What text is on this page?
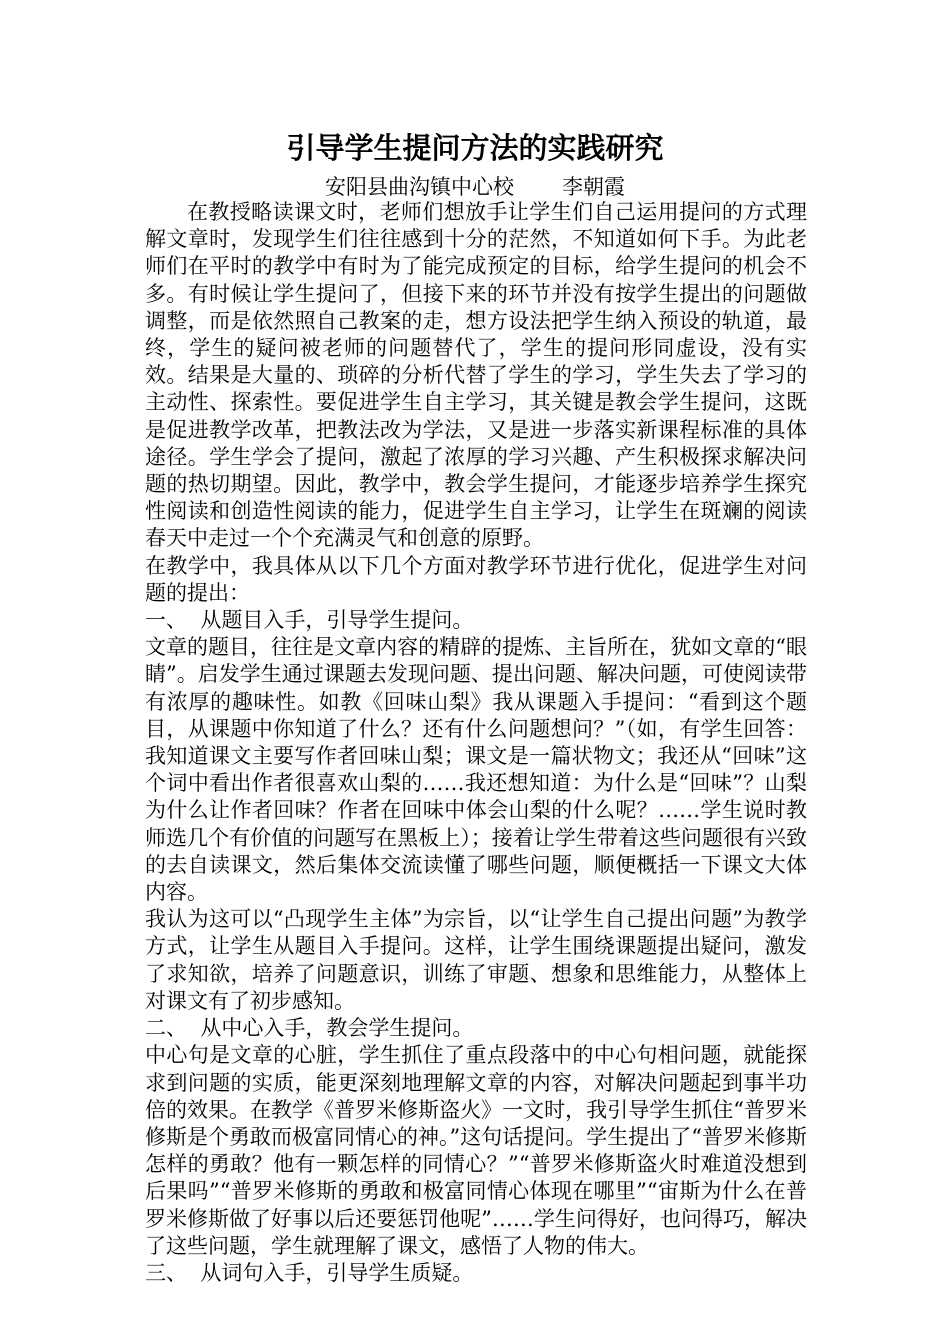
引导学生提问方法的实践研究
安阳县曲沟镇中心校 李朝霞

在教授略读课文时，老师们想放手让学生们自己运用提问的方式理解文章时，发现学生们往往感到十分的茫然，不知道如何下手。为此老师们在平时的教学中有时为了能完成预定的目标，给学生提问的机会不多。有时候让学生提问了，但接下来的环节并没有按学生提出的问题做调整，而是依然照自己教案的走，想方设法把学生纳入预设的轨道，最终，学生的疑问被老师的问题替代了，学生的提问形同虚设，没有实效。结果是大量的、琐碎的分析代替了学生的学习，学生失去了学习的主动性、探索性。要促进学生自主学习，其关键是教会学生提问，这既是促进教学改革，把教法改为学法，又是进一步落实新课程标准的具体途径。学生学会了提问，激起了浓厚的学习兴趣、产生积极探求解决问题的热切期望。因此，教学中，教会学生提问，才能逐步培养学生探究性阅读和创造性阅读的能力，促进学生自主学习，让学生在斑斓的阅读春天中走过一个个充满灵气和创意的原野。

在教学中，我具体从以下几个方面对教学环节进行优化，促进学生对问题的提出：

一、  从题目入手，引导学生提问。

文章的题目，往往是文章内容的精辟的提炼、主旨所在，犹如文章的“眼睛”。启发学生通过课题去发现问题、提出问题、解决问题，可使阅读带有浓厚的趣味性。如教《回味山梨》我从课题入手提问：“看到这个题目，从课题中你知道了什么？还有什么问题想问？”（如，有学生回答：我知道课文主要写作者回味山梨；课文是一篇状物文；我还从“回味”这个词中看出作者很喜欢山梨的……我还想知道：为什么是“回味”？山梨为什么让作者回味？作者在回味中体会山梨的什么呢？……学生说时教师选几个有价值的问题写在黑板上）；接着让学生带着这些问题很有兴致的去自读课文，然后集体交流读懂了哪些问题，顺便概括一下课文大体内容。

我认为这可以“凸现学生主体”为宗旨，以“让学生自己提出问题”为教学方式，让学生从题目入手提问。这样，让学生围绕课题提出疑问，激发了求知欲，培养了问题意识，训练了审题、想象和思维能力，从整体上对课文有了初步感知。

二、  从中心入手，教会学生提问。

中心句是文章的心脏，学生抓住了重点段落中的中心句相问题，就能探求到问题的实质，能更深刻地理解文章的内容，对解决问题起到事半功倍的效果。在教学《普罗米修斯盗火》一文时，我引导学生抓住“普罗米修斯是个勇敢而极富同情心的神。”这句话提问。学生提出了“普罗米修斯怎样的勇敢？他有一颗怎样的同情心？”“普罗米修斯盗火时难道没想到后果吗”“普罗米修斯的勇敢和极富同情心体现在哪里”“宙斯为什么在普罗米修斯做了好事以后还要惩罚他呢”……学生问得好，也问得巧，解决了这些问题，学生就理解了课文，感悟了人物的伟大。

三、  从词句入手，引导学生质疑。
